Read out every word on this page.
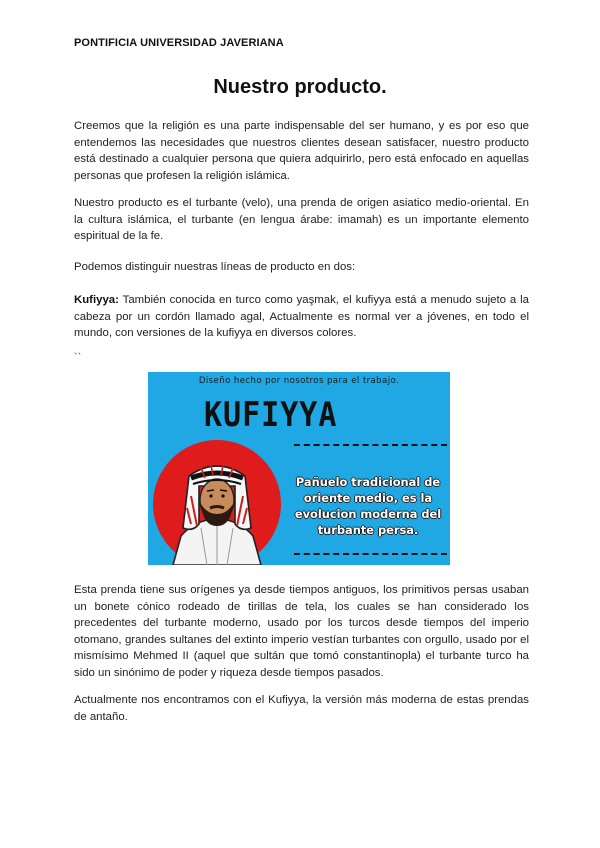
PONTIFICIA UNIVERSIDAD JAVERIANA
Nuestro producto.
Creemos que la religión es una parte indispensable del ser humano, y es por eso que entendemos las necesidades que nuestros clientes desean satisfacer, nuestro producto está destinado a cualquier persona que quiera adquirirlo, pero está enfocado en aquellas personas que profesen la religión islámica.
Nuestro producto es el turbante (velo), una prenda de origen asiatico medio-oriental. En la cultura islámica, el turbante (en lengua árabe: imamah) es un importante elemento espiritual de la fe.
Podemos distinguir nuestras líneas de producto en dos:
Kufiyya: También conocida en turco como yaşmak, el kufiyya está a menudo sujeto a la cabeza por un cordón llamado agal, Actualmente es normal ver a jóvenes, en todo el mundo, con versiones de la kufiyya en diversos colores.
``
Diseño hecho por nosotros para el trabajo.
KUFIYYA
Pañuelo tradicional de oriente medio, es la evolucion moderna del turbante persa.
Esta prenda tiene sus orígenes ya desde tiempos antiguos, los primitivos persas usaban un bonete cónico rodeado de tirillas de tela, los cuales se han considerado los precedentes del turbante moderno, usado por los turcos desde tiempos del imperio otomano, grandes sultanes del extinto imperio vestían turbantes con orgullo, usado por el mismísimo Mehmed II (aquel que sultán que tomó constantinopla) el turbante turco ha sido un sinónimo de poder y riqueza desde tiempos pasados.
Actualmente nos encontramos con el Kufiyya, la versión más moderna de estas prendas de antaño.
